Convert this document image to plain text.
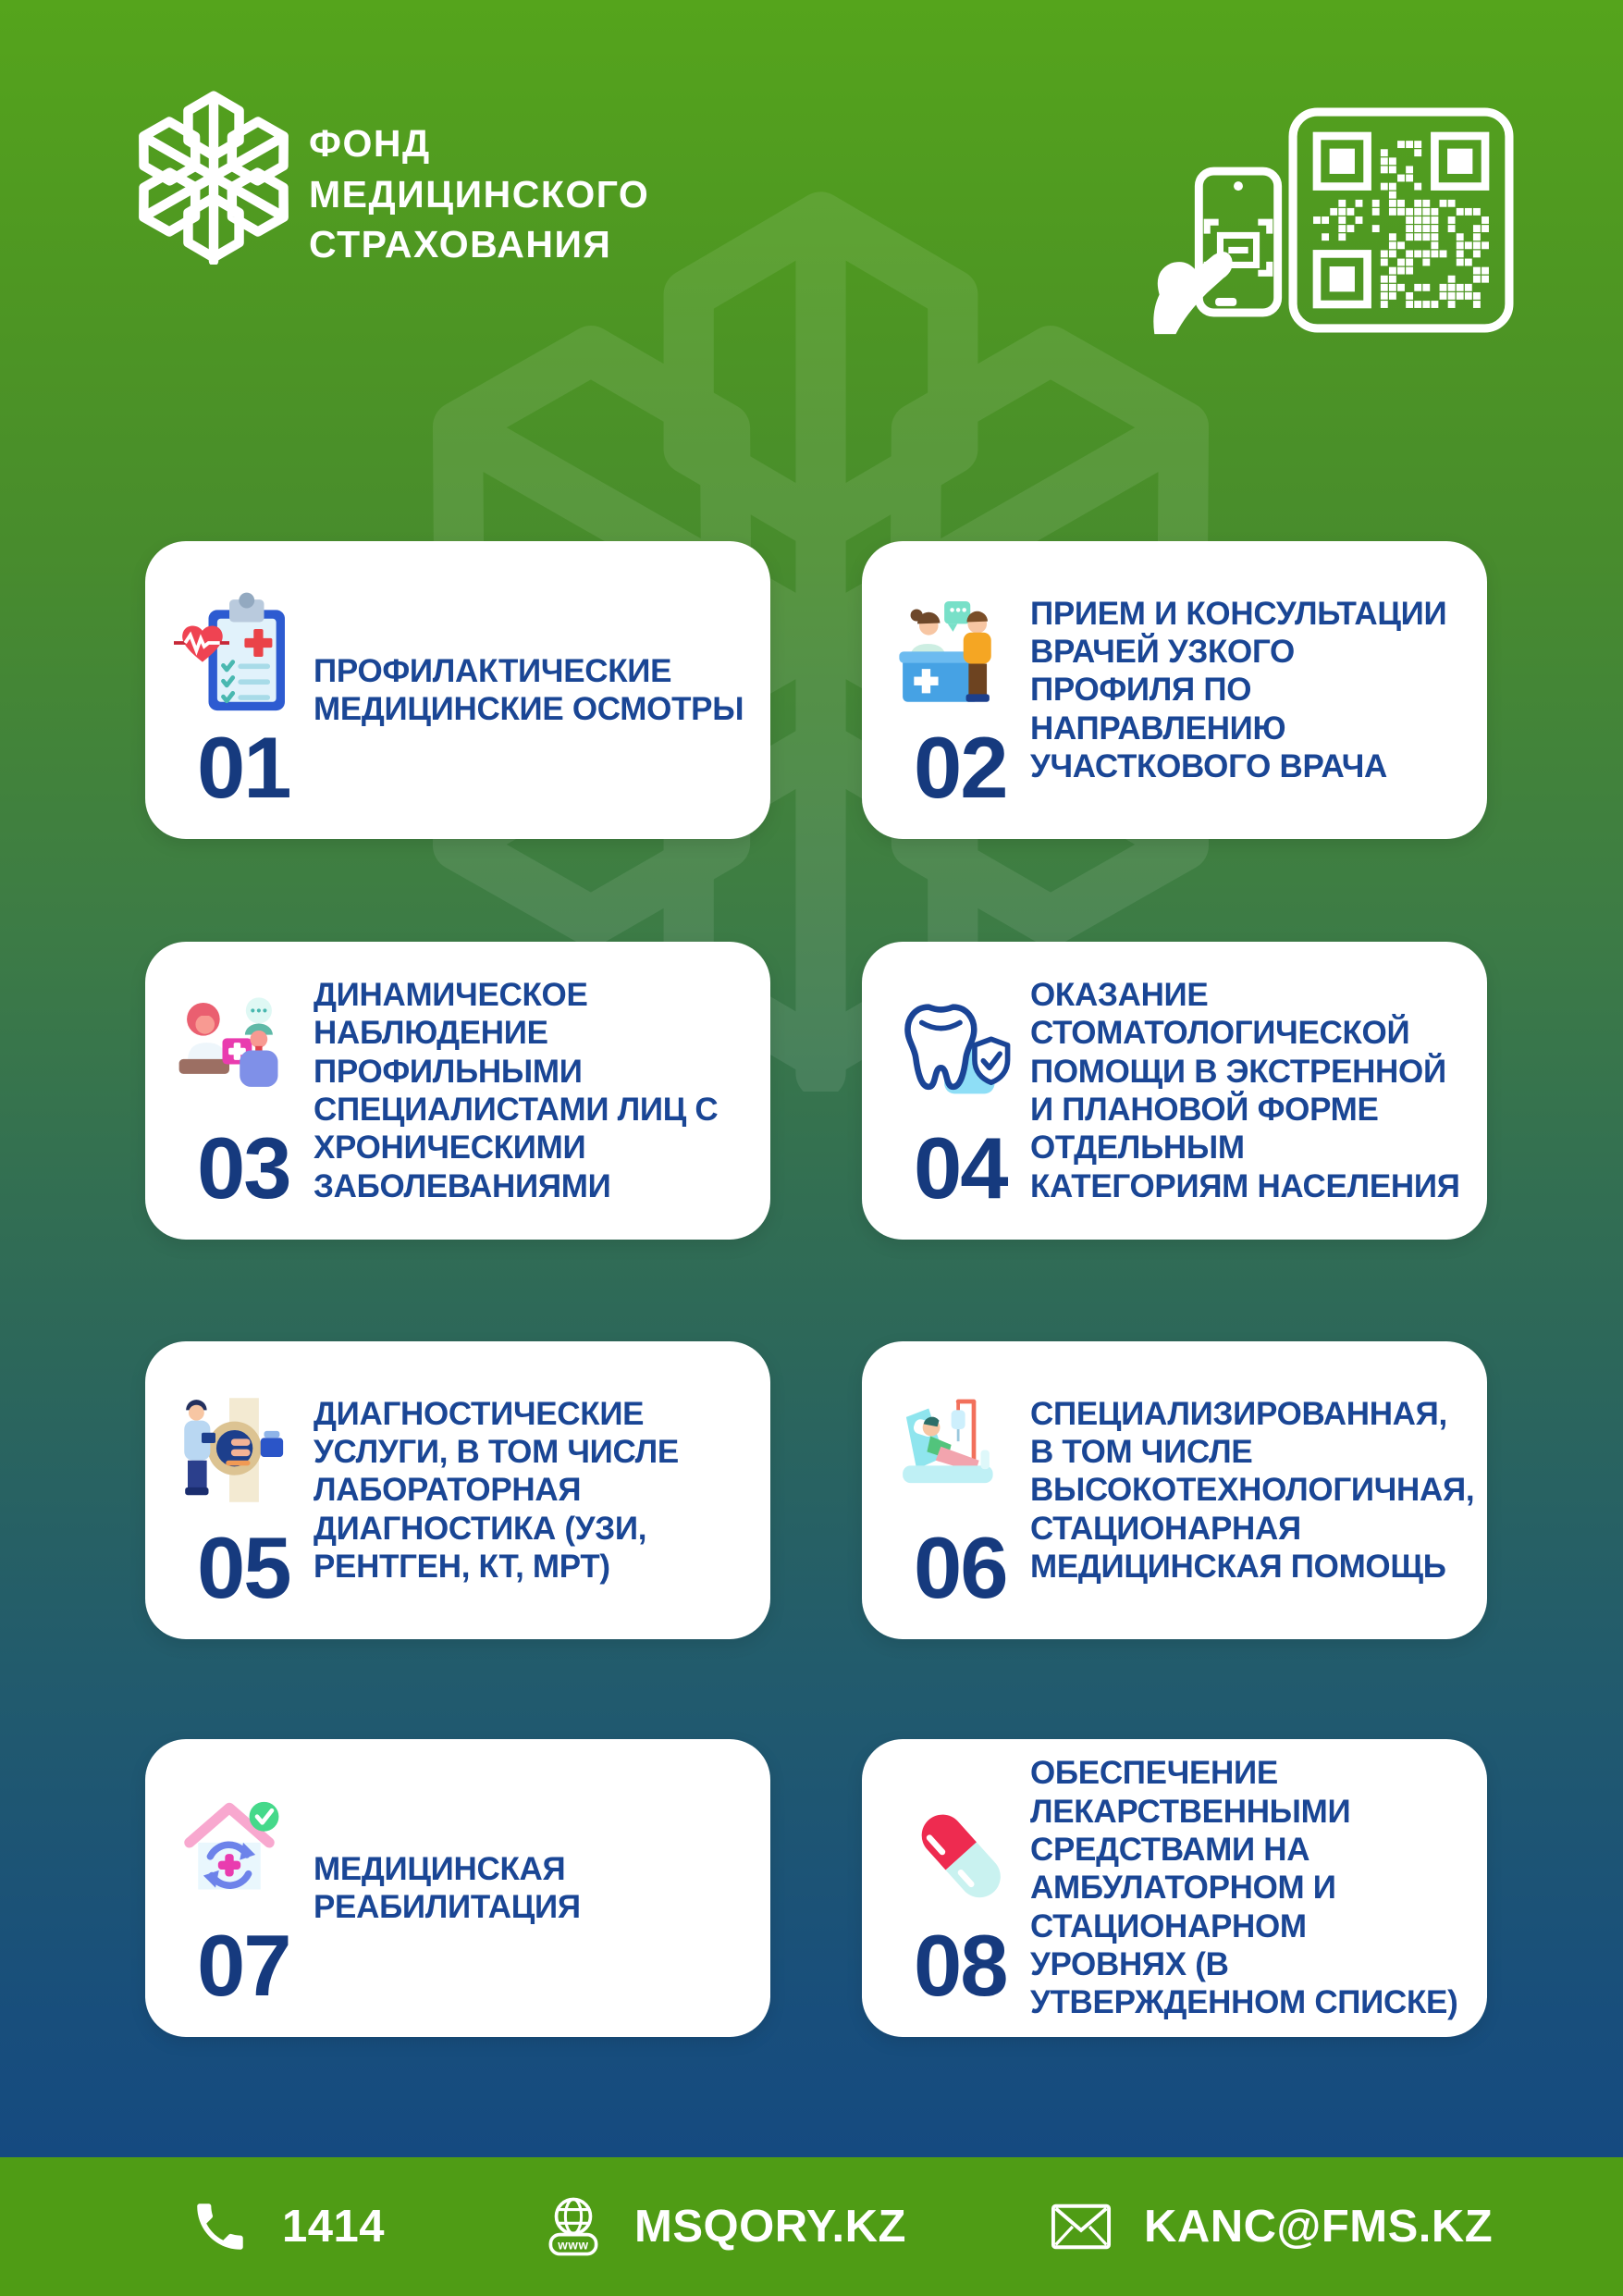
ФОНД
МЕДИЦИНСКОГО
СТРАХОВАНИЯ
01
ПРОФИЛАКТИЧЕСКИЕ МЕДИЦИНСКИЕ ОСМОТРЫ
02
ПРИЕМ И КОНСУЛЬТАЦИИ ВРАЧЕЙ УЗКОГО ПРОФИЛЯ ПО НАПРАВЛЕНИЮ УЧАСТКОВОГО ВРАЧА
03
ДИНАМИЧЕСКОЕ НАБЛЮДЕНИЕ ПРОФИЛЬНЫМИ СПЕЦИАЛИСТАМИ ЛИЦ С ХРОНИЧЕСКИМИ ЗАБОЛЕВАНИЯМИ	04
ОКАЗАНИЕ СТОМАТОЛОГИЧЕСКОЙ ПОМОЩИ В ЭКСТРЕННОЙ И ПЛАНОВОЙ ФОРМЕ ОТДЕЛЬНЫМ КАТЕГОРИЯМ НАСЕЛЕНИЯ
05
ДИАГНОСТИЧЕСКИЕ УСЛУГИ, В ТОМ ЧИСЛЕ ЛАБОРАТОРНАЯ ДИАГНОСТИКА (УЗИ, РЕНТГЕН, КТ, МРТ)	06
СПЕЦИАЛИЗИРОВАННАЯ, В ТОМ ЧИСЛЕ ВЫСОКОТЕХНОЛОГИЧНАЯ, СТАЦИОНАРНАЯ МЕДИЦИНСКАЯ ПОМОЩЬ
07
МЕДИЦИНСКАЯ РЕАБИЛИТАЦИЯ
08
ОБЕСПЕЧЕНИЕ ЛЕКАРСТВЕННЫМИ СРЕДСТВАМИ НА АМБУЛАТОРНОМ И СТАЦИОНАРНОМ УРОВНЯХ (В УТВЕРЖДЕННОМ СПИСКЕ)
1414	www MSQORY.KZ	KANC@FMS.KZ
